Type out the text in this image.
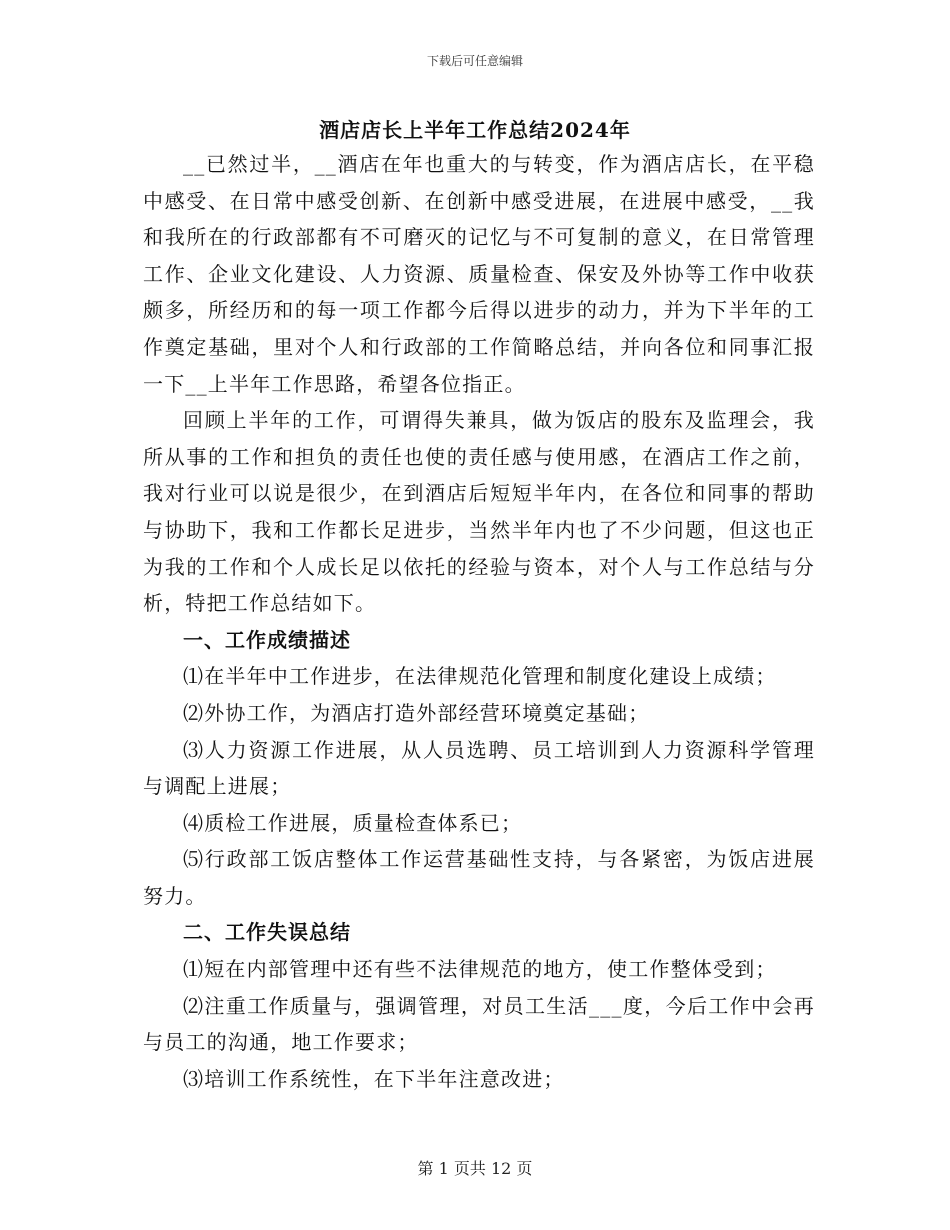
下载后可任意编辑
酒店店长上半年工作总结2024年

__已然过半，__酒店在年也重大的与转变，作为酒店店长，在平稳中感受、在日常中感受创新、在创新中感受进展，在进展中感受，__我和我所在的行政部都有不可磨灭的记忆与不可复制的意义，在日常管理工作、企业文化建设、人力资源、质量检查、保安及外协等工作中收获颇多，所经历和的每一项工作都今后得以进步的动力，并为下半年的工作奠定基础，里对个人和行政部的工作简略总结，并向各位和同事汇报一下__上半年工作思路，希望各位指正。

回顾上半年的工作，可谓得失兼具，做为饭店的股东及监理会，我所从事的工作和担负的责任也使的责任感与使用感，在酒店工作之前，我对行业可以说是很少，在到酒店后短短半年内，在各位和同事的帮助与协助下，我和工作都长足进步，当然半年内也了不少问题，但这也正为我的工作和个人成长足以依托的经验与资本，对个人与工作总结与分析，特把工作总结如下。

一、工作成绩描述

⑴在半年中工作进步，在法律规范化管理和制度化建设上成绩；

⑵外协工作，为酒店打造外部经营环境奠定基础；

⑶人力资源工作进展，从人员选聘、员工培训到人力资源科学管理与调配上进展；

⑷质检工作进展，质量检查体系已；

⑸行政部工饭店整体工作运营基础性支持，与各紧密，为饭店进展努力。

二、工作失误总结

⑴短在内部管理中还有些不法律规范的地方，使工作整体受到；

⑵注重工作质量与，强调管理，对员工生活___度，今后工作中会再与员工的沟通，地工作要求；

⑶培训工作系统性，在下半年注意改进；

第 1 页共 12 页
